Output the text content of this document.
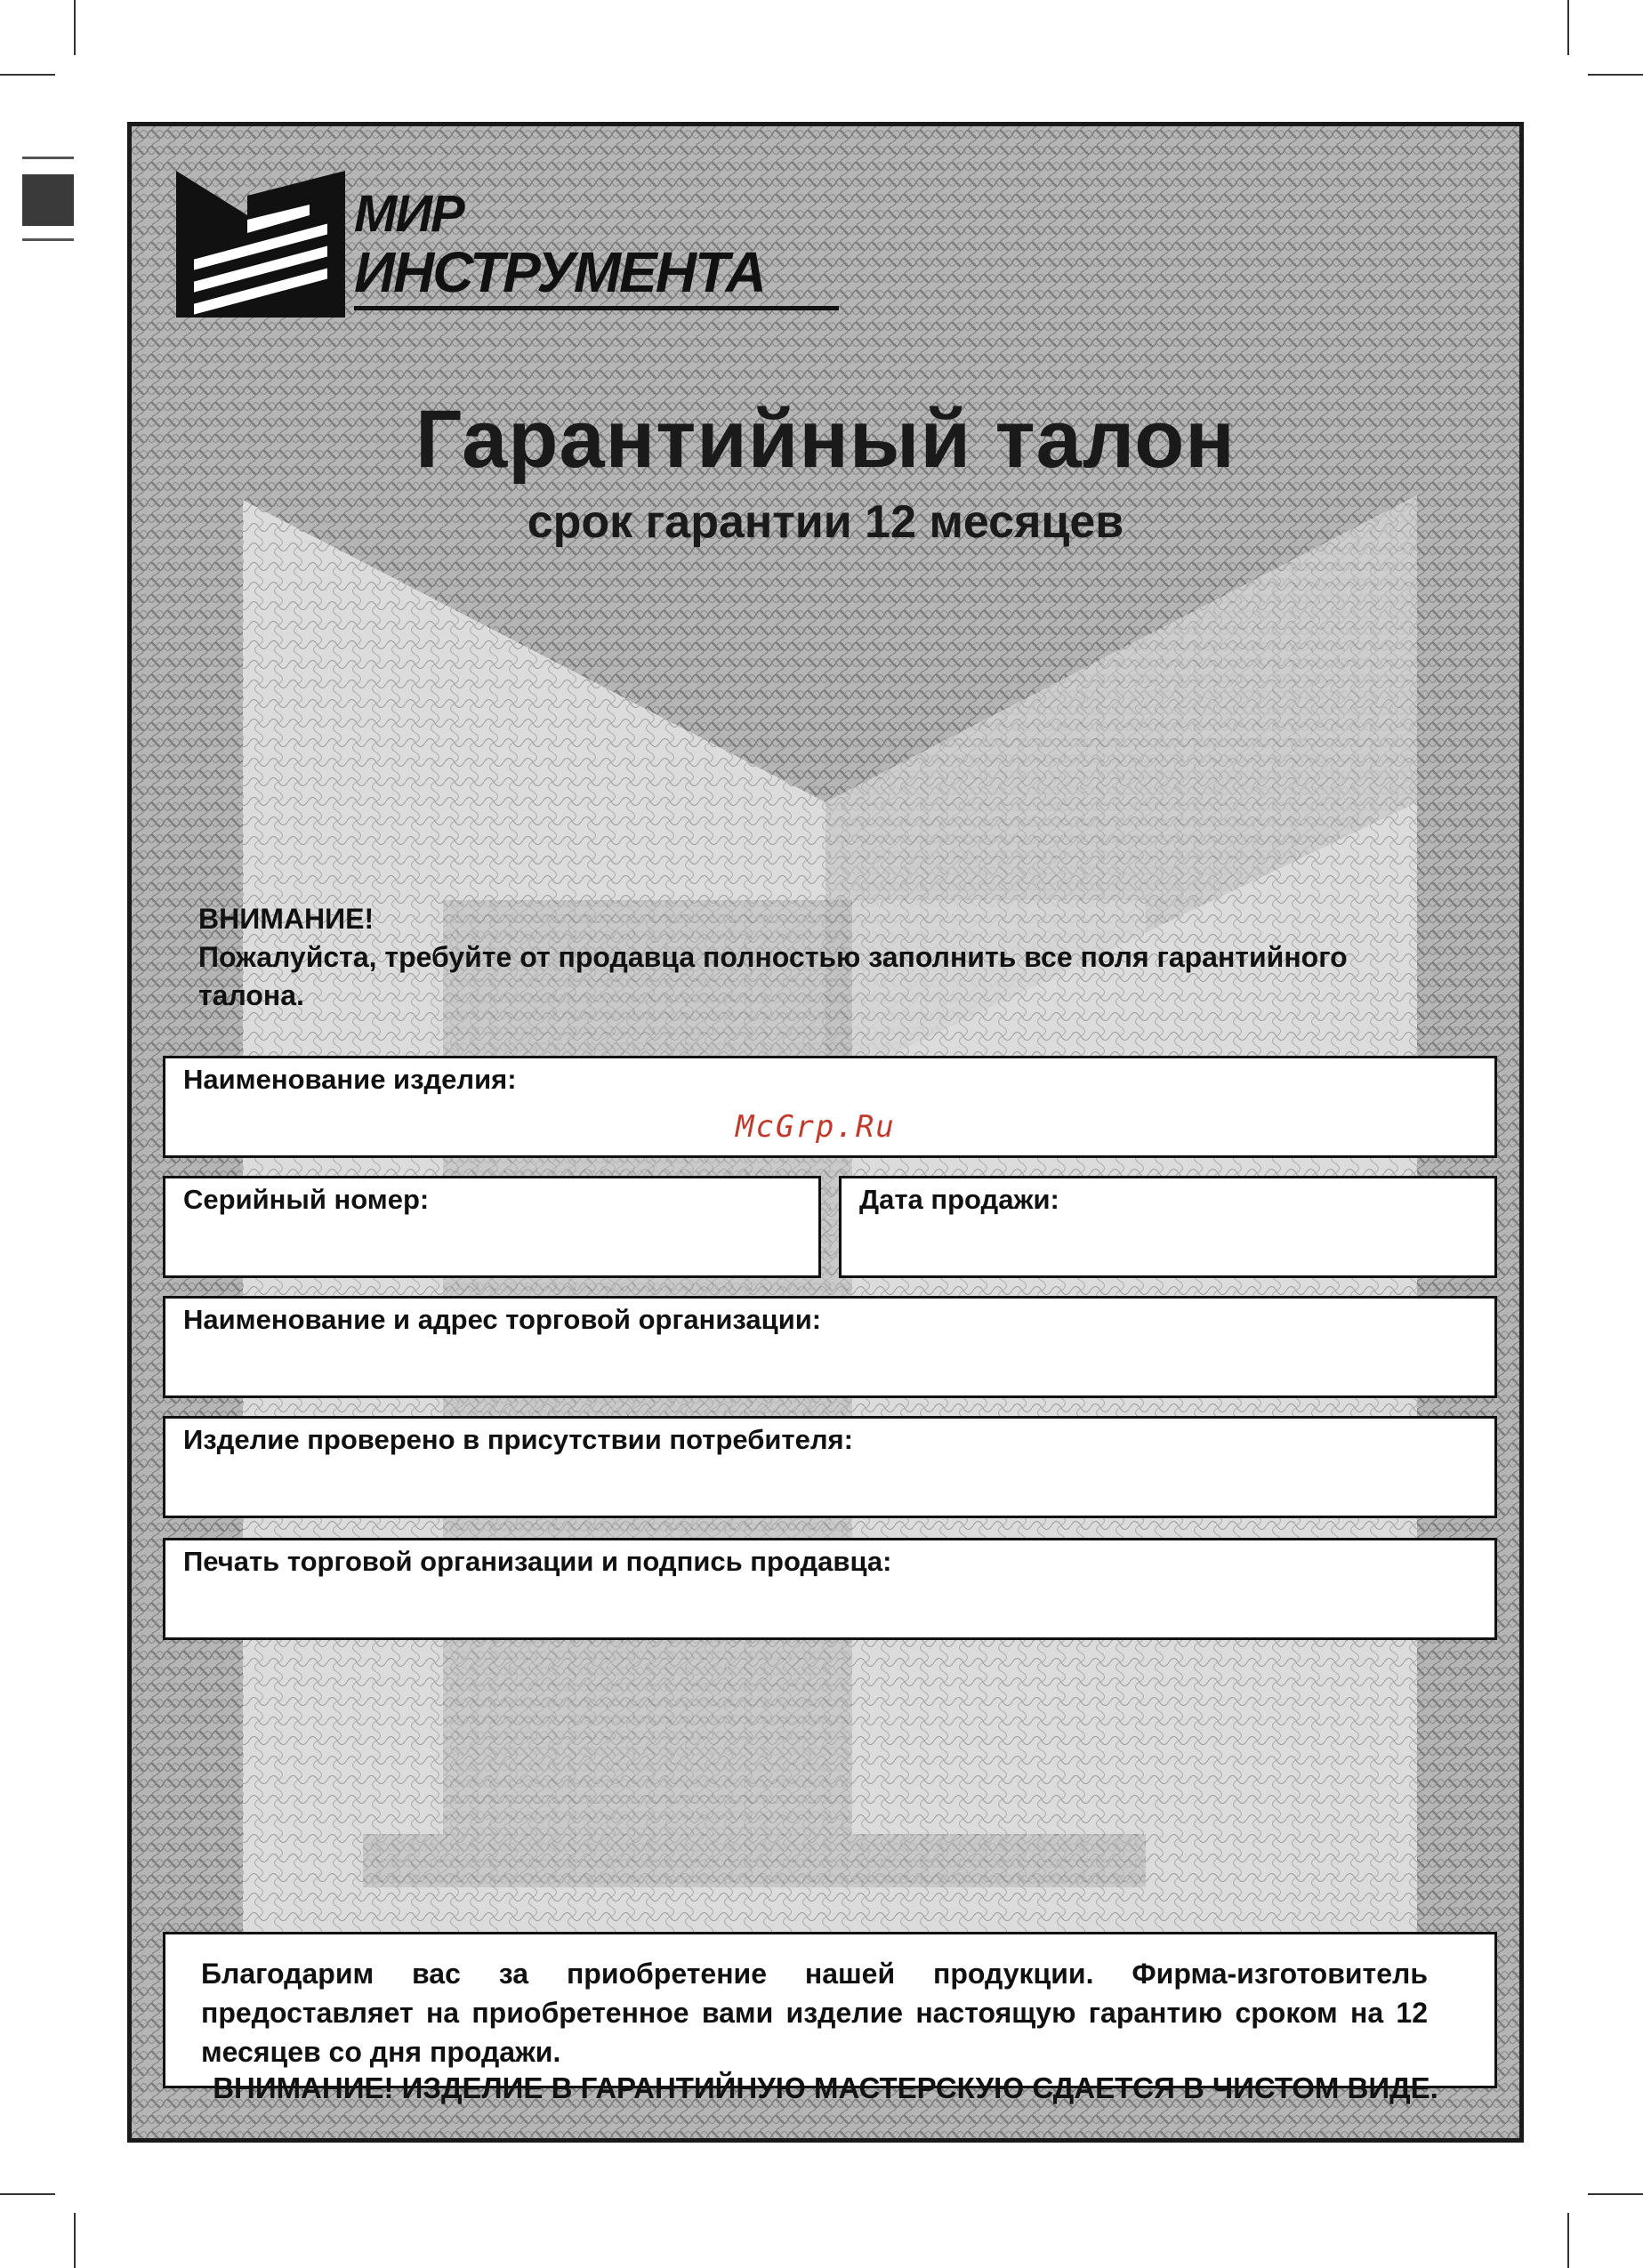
МИР
ИНСТРУМЕНТА
Гарантийный талон
срок гарантии 12 месяцев
ВНИМАНИЕ!
Пожалуйста, требуйте от продавца полностью заполнить все поля гарантийного талона.
Наименование изделия:
McGrp.Ru
Серийный номер:	Дата продажи:
Наименование и адрес торговой организации:
Изделие проверено в присутствии потребителя:
Печать торговой организации и подпись продавца:
Благодарим вас за приобретение нашей продукции. Фирма-изготовитель предоставляет на приобретенное вами изделие настоящую гарантию сроком на 12 месяцев со дня продажи.
ВНИМАНИЕ! ИЗДЕЛИЕ В ГАРАНТИЙНУЮ МАСТЕРСКУЮ СДАЕТСЯ В ЧИСТОМ ВИДЕ.
